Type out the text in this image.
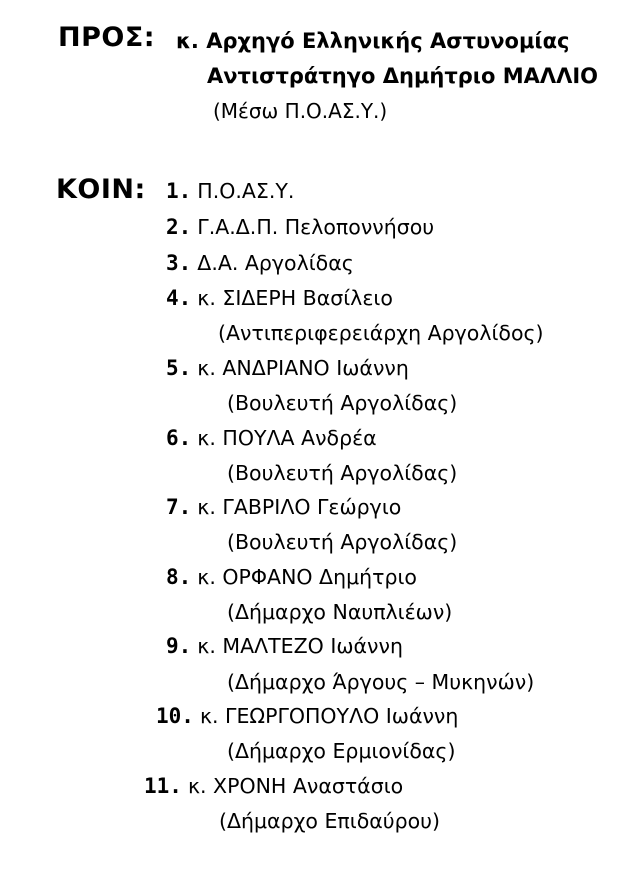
ΠΡΟΣ: κ. Αρχηγό Ελληνικής Αστυνομίας
Αντιστράτηγο Δημήτριο ΜΑΛΛΙΟ
(Μέσω Π.Ο.ΑΣ.Υ.)
ΚΟΙΝ: 1. Π.Ο.ΑΣ.Υ.
2. Γ.Α.Δ.Π. Πελοποννήσου
3. Δ.Α. Αργολίδας
4. κ. ΣΙΔΕΡΗ Βασίλειο
(Αντιπεριφερειάρχη Αργολίδος)
5. κ. ΑΝΔΡΙΑΝΟ Ιωάννη
(Βουλευτή Αργολίδας)
6. κ. ΠΟΥΛΑ Ανδρέα
(Βουλευτή Αργολίδας)
7. κ. ΓΑΒΡΙΛΟ Γεώργιο
(Βουλευτή Αργολίδας)
8. κ. ΟΡΦΑΝΟ Δημήτριο
(Δήμαρχο Ναυπλιέων)
9. κ. ΜΑΛΤΕΖΟ Ιωάννη
(Δήμαρχο Άργους – Μυκηνών)
10. κ. ΓΕΩΡΓΟΠΟΥΛΟ Ιωάννη
(Δήμαρχο Ερμιονίδας)
11. κ. ΧΡΟΝΗ Αναστάσιο
(Δήμαρχο Επιδαύρου)
